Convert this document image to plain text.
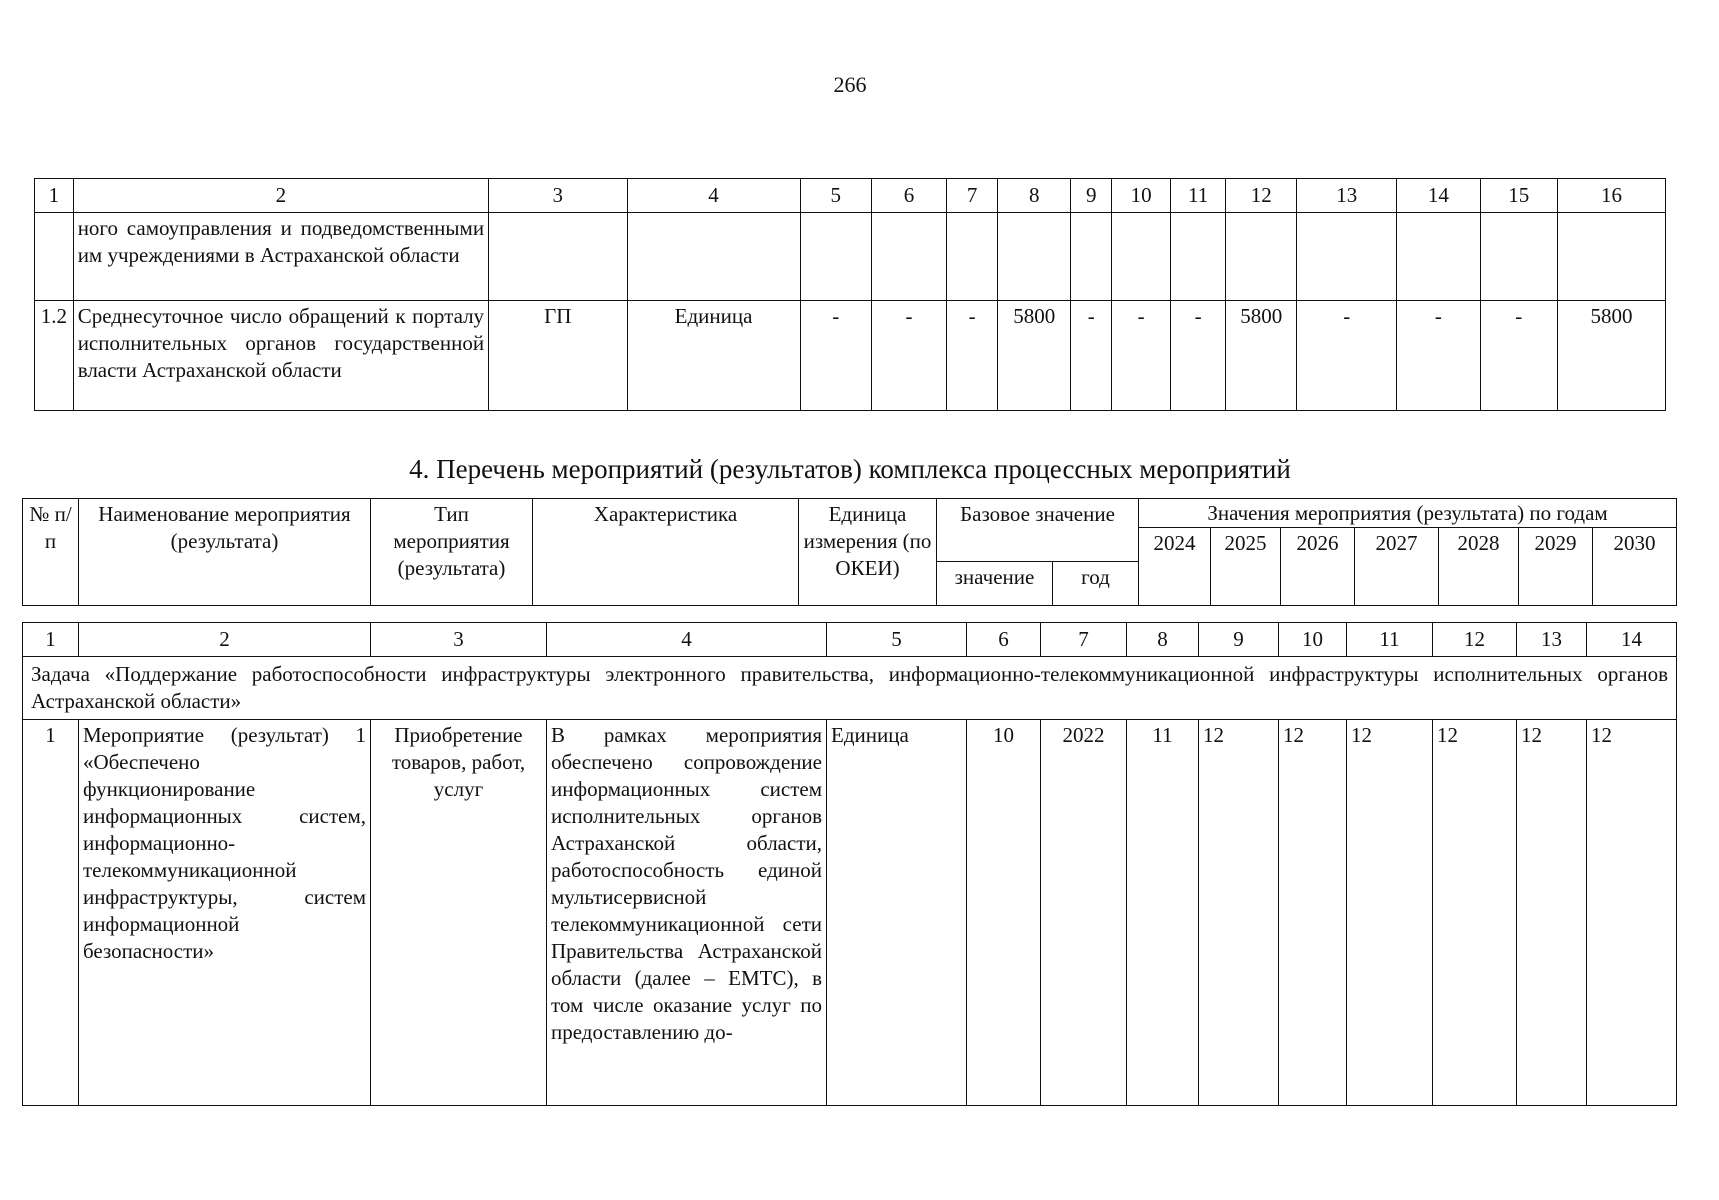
266
1	2	3	4	5	6	7	8	9	10	11	12	13	14	15	16
	ного самоуправления и подведомственными им учреждениями в Астраханской области														
1.2	Среднесуточное число обращений к порталу исполнительных органов государственной власти Астраханской области	ГП	Единица	-	-	-	5800	-	-	-	5800	-	-	-	5800
4. Перечень мероприятий (результатов) комплекса процессных мероприятий
№ п/п	Наименование мероприятия (результата)	Тип мероприятия (результата)	Характеристика	Единица измерения (по ОКЕИ)	Базовое значение		Значения мероприятия (результата) по годам						
							2024	2025	2026	2027	2028	2029	2030
					значение	год							
1	2	3	4	5	6	7	8	9	10	11	12	13	14
Задача «Поддержание работоспособности инфраструктуры электронного правительства, информационно-телекоммуникационной инфраструктуры исполнительных органов Астраханской области»													
1	Мероприятие (результат) 1 «Обеспечено функционирование информационных систем, информационно-телекоммуникационной инфраструктуры, систем информационной безопасности»	Приобретение товаров, работ, услуг	В рамках мероприятия обеспечено сопровождение информационных систем исполнительных органов Астраханской области, работоспособность единой мультисервисной телекоммуникационной сети Правительства Астраханской области (далее – ЕМТС), в том числе оказание услуг по предоставлению до-	Единица	10	2022	11	12	12	12	12	12	12
